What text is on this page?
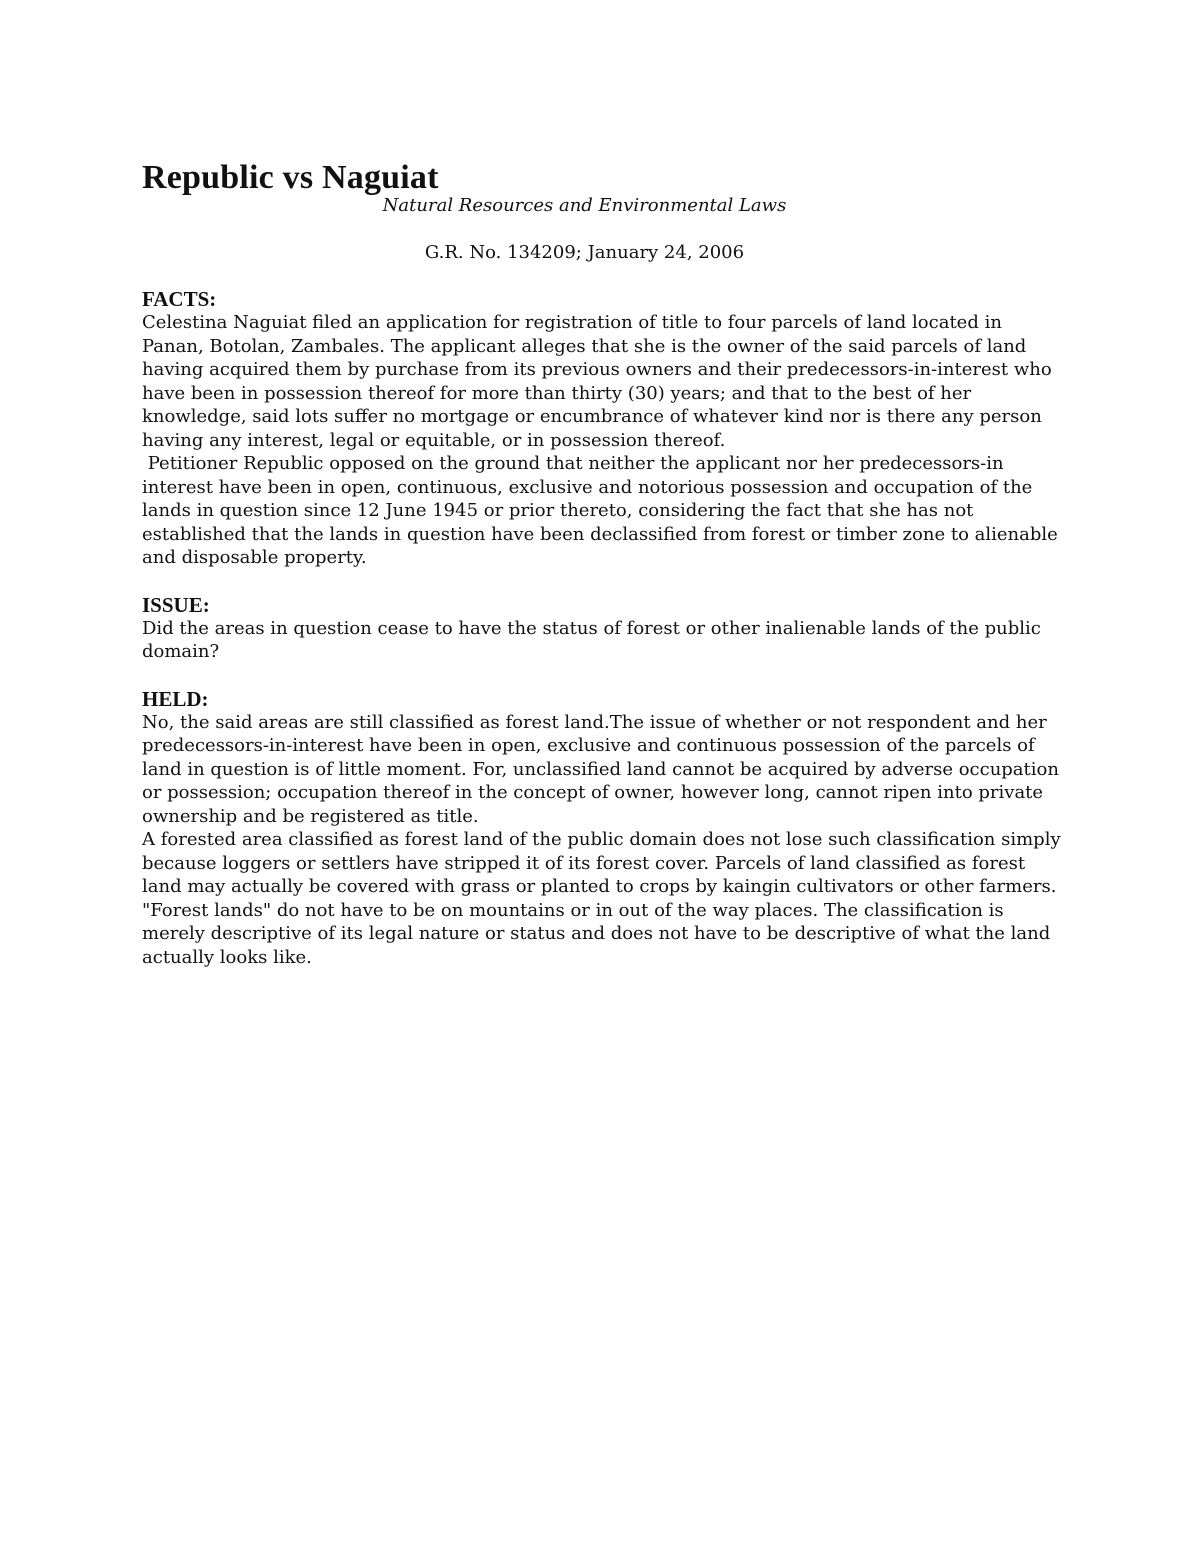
Republic vs Naguiat

Natural Resources and Environmental Laws

G.R. No. 134209; January 24, 2006

FACTS:

Celestina Naguiat filed an application for registration of title to four parcels of land located in Panan, Botolan, Zambales. The applicant alleges that she is the owner of the said parcels of land having acquired them by purchase from its previous owners and their predecessors-in-interest who have been in possession thereof for more than thirty (30) years; and that to the best of her knowledge, said lots suffer no mortgage or encumbrance of whatever kind nor is there any person having any interest, legal or equitable, or in possession thereof.

Petitioner Republic opposed on the ground that neither the applicant nor her predecessors-in interest have been in open, continuous, exclusive and notorious possession and occupation of the lands in question since 12 June 1945 or prior thereto, considering the fact that she has not established that the lands in question have been declassified from forest or timber zone to alienable and disposable property.

ISSUE:

Did the areas in question cease to have the status of forest or other inalienable lands of the public domain?

HELD:

No, the said areas are still classified as forest land.The issue of whether or not respondent and her predecessors-in-interest have been in open, exclusive and continuous possession of the parcels of land in question is of little moment. For, unclassified land cannot be acquired by adverse occupation or possession; occupation thereof in the concept of owner, however long, cannot ripen into private ownership and be registered as title.

A forested area classified as forest land of the public domain does not lose such classification simply because loggers or settlers have stripped it of its forest cover. Parcels of land classified as forest land may actually be covered with grass or planted to crops by kaingin cultivators or other farmers. "Forest lands" do not have to be on mountains or in out of the way places. The classification is merely descriptive of its legal nature or status and does not have to be descriptive of what the land actually looks like.
